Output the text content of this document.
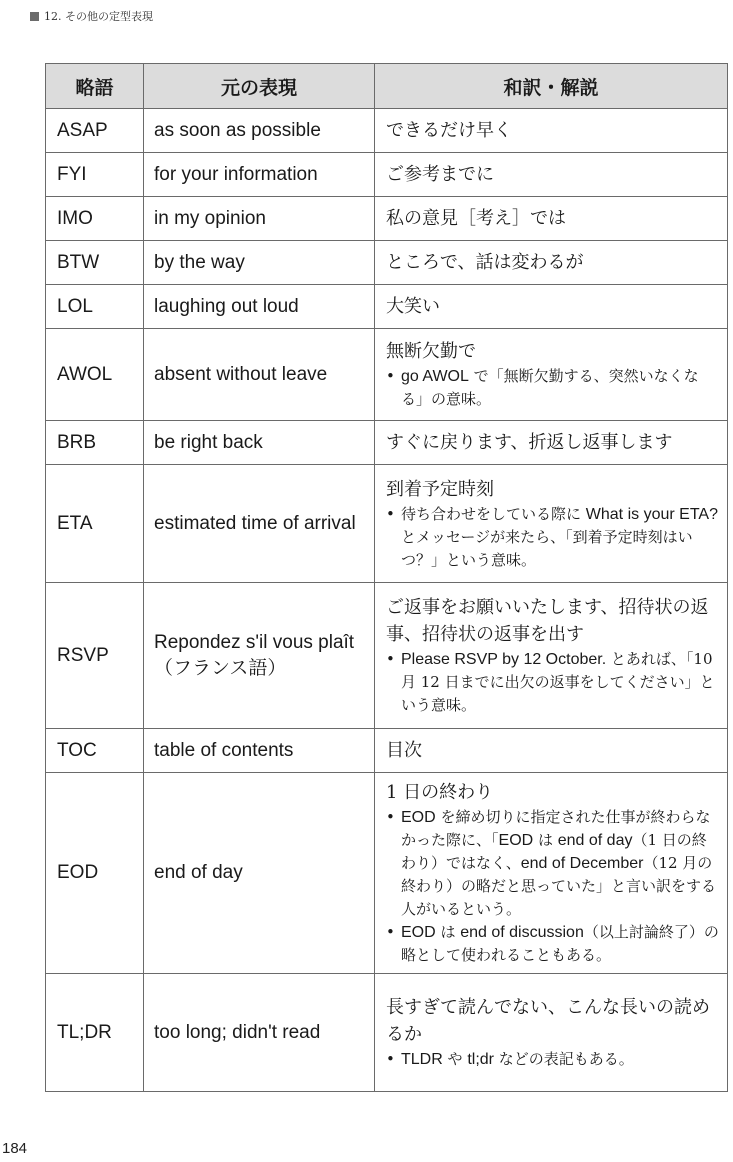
12. その他の定型表現
略語	元の表現	和訳・解説
ASAP	as soon as possible	できるだけ早く

FYI	for your information	ご参考までに

IMO	in my opinion	私の意見［考え］では

BTW	by the way	ところで、話は変わるが

LOL	laughing out loud	大笑い

AWOL	absent without leave	無断欠勤で
• go AWOL で「無断欠勤する、突然いなくなる」の意味。

BRB	be right back	すぐに戻ります、折返し返事します

ETA	estimated time of arrival	到着予定時刻
• 待ち合わせをしている際に What is your ETA? とメッセージが来たら、「到着予定時刻はいつ？」という意味。

RSVP	Repondez s'il vous plaît（フランス語）	ご返事をお願いいたします、招待状の返事、招待状の返事を出す
• Please RSVP by 12 October. とあれば、「10 月 12 日までに出欠の返事をしてください」という意味。

TOC	table of contents	目次

EOD	end of day	1 日の終わり
• EOD を締め切りに指定された仕事が終わらなかった際に、「EOD は end of day（1 日の終わり）ではなく、end of December（12 月の終わり）の略だと思っていた」と言い訳をする人がいるという。
• EOD は end of discussion（以上討論終了）の略として使われることもある。

TL;DR	too long; didn't read	長すぎて読んでない、こんな長いの読めるか
• TLDR や tl;dr などの表記もある。
184
